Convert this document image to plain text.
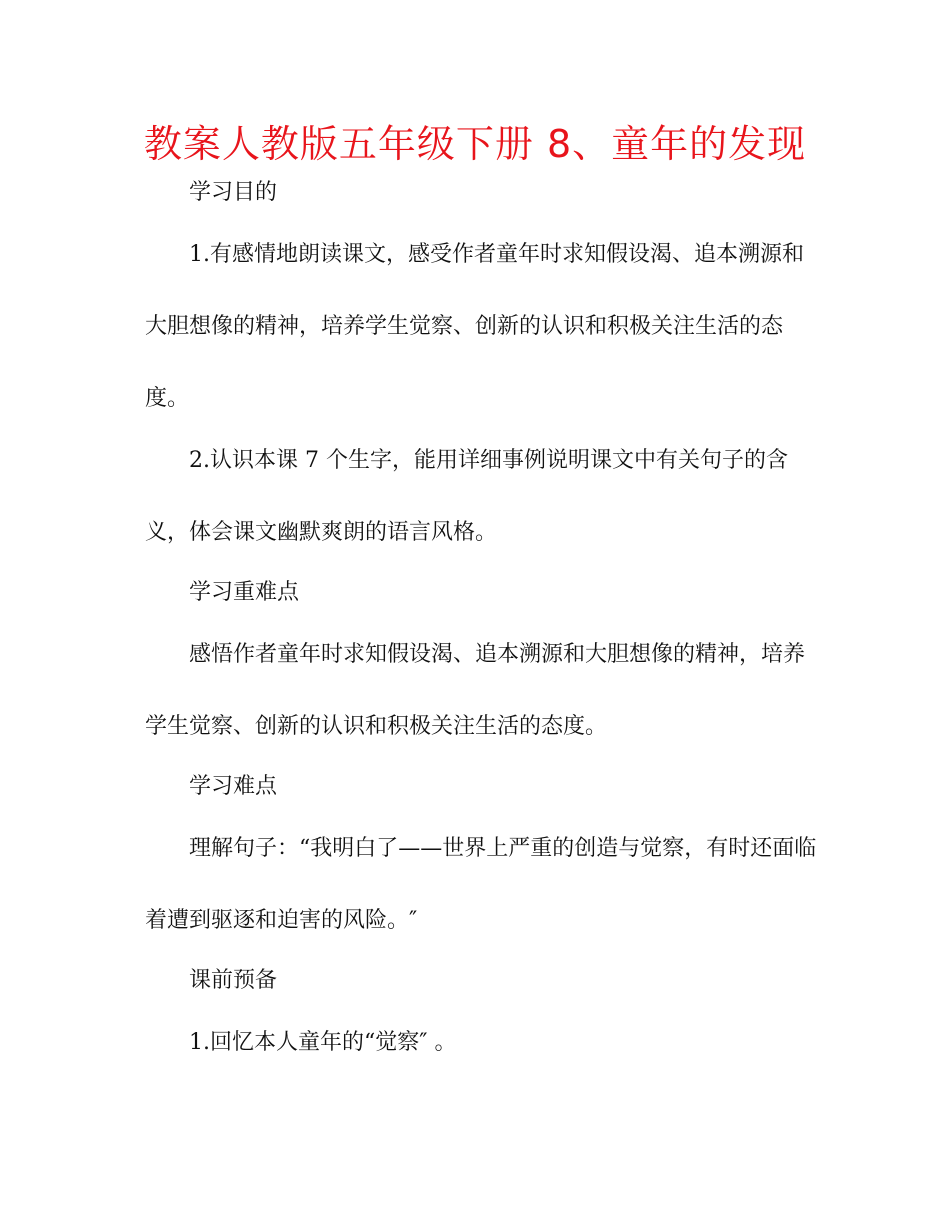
教案人教版五年级下册 8、童年的发现
学习目的
1.有感情地朗读课文，感受作者童年时求知假设渴、追本溯源和
大胆想像的精神，培养学生觉察、创新的认识和积极关注生活的态
度。
2.认识本课 7 个生字，能用详细事例说明课文中有关句子的含
义，体会课文幽默爽朗的语言风格。
学习重难点
感悟作者童年时求知假设渴、追本溯源和大胆想像的精神，培养
学生觉察、创新的认识和积极关注生活的态度。
学习难点
理解句子：“我明白了——世界上严重的创造与觉察，有时还面临
着遭到驱逐和迫害的风险。″
课前预备
1.回忆本人童年的“觉察″ 。
